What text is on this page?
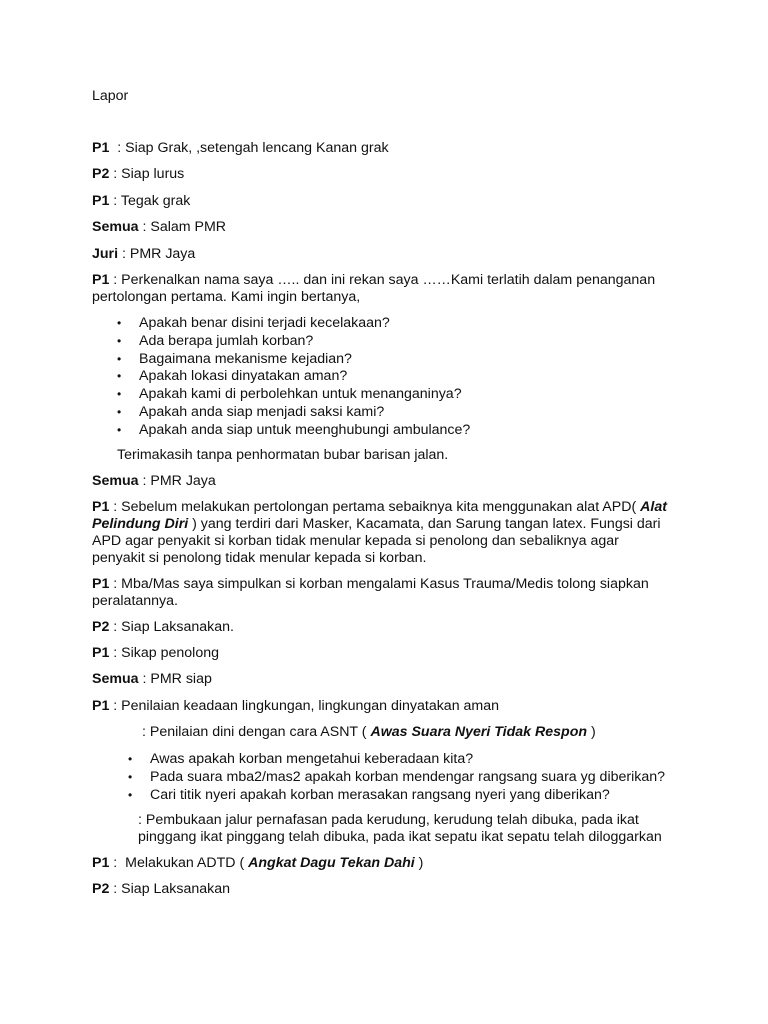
Lapor
P1  : Siap Grak, ,setengah lencang Kanan grak
P2 : Siap lurus
P1 : Tegak grak
Semua : Salam PMR
Juri : PMR Jaya
P1 : Perkenalkan nama saya ….. dan ini rekan saya ……Kami terlatih dalam penanganan
pertolongan pertama. Kami ingin bertanya,
• Apakah benar disini terjadi kecelakaan?
• Ada berapa jumlah korban?
• Bagaimana mekanisme kejadian?
• Apakah lokasi dinyatakan aman?
• Apakah kami di perbolehkan untuk menanganinya?
• Apakah anda siap menjadi saksi kami?
• Apakah anda siap untuk meenghubungi ambulance?
Terimakasih tanpa penhormatan bubar barisan jalan.
Semua : PMR Jaya
P1 : Sebelum melakukan pertolongan pertama sebaiknya kita menggunakan alat APD( Alat
Pelindung Diri ) yang terdiri dari Masker, Kacamata, dan Sarung tangan latex. Fungsi dari
APD agar penyakit si korban tidak menular kepada si penolong dan sebaliknya agar
penyakit si penolong tidak menular kepada si korban.
P1 : Mba/Mas saya simpulkan si korban mengalami Kasus Trauma/Medis tolong siapkan
peralatannya.
P2 : Siap Laksanakan.
P1 : Sikap penolong
Semua : PMR siap
P1 : Penilaian keadaan lingkungan, lingkungan dinyatakan aman
: Penilaian dini dengan cara ASNT ( Awas Suara Nyeri Tidak Respon )
• Awas apakah korban mengetahui keberadaan kita?
• Pada suara mba2/mas2 apakah korban mendengar rangsang suara yg diberikan?
• Cari titik nyeri apakah korban merasakan rangsang nyeri yang diberikan?
: Pembukaan jalur pernafasan pada kerudung, kerudung telah dibuka, pada ikat
pinggang ikat pinggang telah dibuka, pada ikat sepatu ikat sepatu telah diloggarkan
P1 :  Melakukan ADTD ( Angkat Dagu Tekan Dahi )
P2 : Siap Laksanakan
